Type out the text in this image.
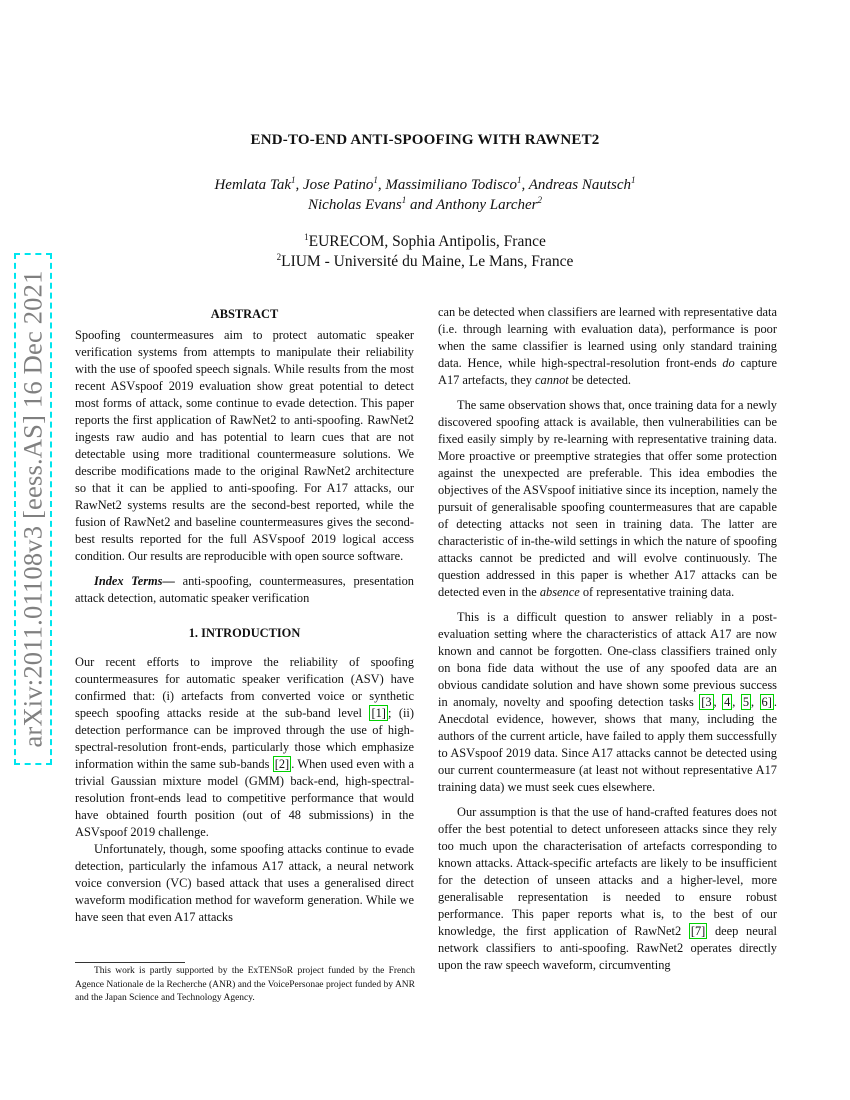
arXiv:2011.01108v3 [eess.AS] 16 Dec 2021
END-TO-END ANTI-SPOOFING WITH RAWNET2
Hemlata Tak$^1$, Jose Patino$^1$, Massimiliano Todisco$^1$, Andreas Nautsch$^1$
Nicholas Evans$^1$ and Anthony Larcher$^2$
$^1$EURECOM, Sophia Antipolis, France
$^2$LIUM - Université du Maine, Le Mans, France
ABSTRACT

Spoofing countermeasures aim to protect automatic speaker verification systems from attempts to manipulate their reliability with the use of spoofed speech signals. While results from the most recent ASVspoof 2019 evaluation show great potential to detect most forms of attack, some continue to evade detection. This paper reports the first application of RawNet2 to anti-spoofing. RawNet2 ingests raw audio and has potential to learn cues that are not detectable using more traditional countermeasure solutions. We describe modifications made to the original RawNet2 architecture so that it can be applied to anti-spoofing. For A17 attacks, our RawNet2 systems results are the second-best reported, while the fusion of RawNet2 and baseline countermeasures gives the second-best results reported for the full ASVspoof 2019 logical access condition. Our results are reproducible with open source software.

Index Terms— anti-spoofing, countermeasures, presentation attack detection, automatic speaker verification

1. INTRODUCTION

Our recent efforts to improve the reliability of spoofing countermeasures for automatic speaker verification (ASV) have confirmed that: (i) artefacts from converted voice or synthetic speech spoofing attacks reside at the sub-band level [1] ; (ii) detection performance can be improved through the use of high-spectral-resolution front-ends, particularly those which emphasize information within the same sub-bands [2] . When used even with a trivial Gaussian mixture model (GMM) back-end, high-spectral-resolution front-ends lead to competitive performance that would have obtained fourth position (out of 48 submissions) in the ASVspoof 2019 challenge.

Unfortunately, though, some spoofing attacks continue to evade detection, particularly the infamous A17 attack, a neural network voice conversion (VC) based attack that uses a generalised direct waveform modification method for waveform generation. While we have seen that even A17 attacks

This work is partly supported by the ExTENSoR project funded by the French Agence Nationale de la Recherche (ANR) and the VoicePersonae project funded by ANR and the Japan Science and Technology Agency.

can be detected when classifiers are learned with representative data (i.e. through learning with evaluation data), performance is poor when the same classifier is learned using only standard training data. Hence, while high-spectral-resolution front-ends do capture A17 artefacts, they cannot be detected.

The same observation shows that, once training data for a newly discovered spoofing attack is available, then vulnerabilities can be fixed easily simply by re-learning with representative training data. More proactive or preemptive strategies that offer some protection against the unexpected are preferable. This idea embodies the objectives of the ASVspoof initiative since its inception, namely the pursuit of generalisable spoofing countermeasures that are capable of detecting attacks not seen in training data. The latter are characteristic of in-the-wild settings in which the nature of spoofing attacks cannot be predicted and will evolve continuously. The question addressed in this paper is whether A17 attacks can be detected even in the absence of representative training data.

This is a difficult question to answer reliably in a post-evaluation setting where the characteristics of attack A17 are now known and cannot be forgotten. One-class classifiers trained only on bona fide data without the use of any spoofed data are an obvious candidate solution and have shown some previous success in anomaly, novelty and spoofing detection tasks [3 , 4 , 5 , 6] . Anecdotal evidence, however, shows that many, including the authors of the current article, have failed to apply them successfully to ASVspoof 2019 data. Since A17 attacks cannot be detected using our current countermeasure (at least not without representative A17 training data) we must seek cues elsewhere.

Our assumption is that the use of hand-crafted features does not offer the best potential to detect unforeseen attacks since they rely too much upon the characterisation of artefacts corresponding to known attacks. Attack-specific artefacts are likely to be insufficient for the detection of unseen attacks and a higher-level, more generalisable representation is needed to ensure robust performance. This paper reports what is, to the best of our knowledge, the first application of RawNet2 [7] deep neural network classifiers to anti-spoofing. RawNet2 operates directly upon the raw speech waveform, circumventing
